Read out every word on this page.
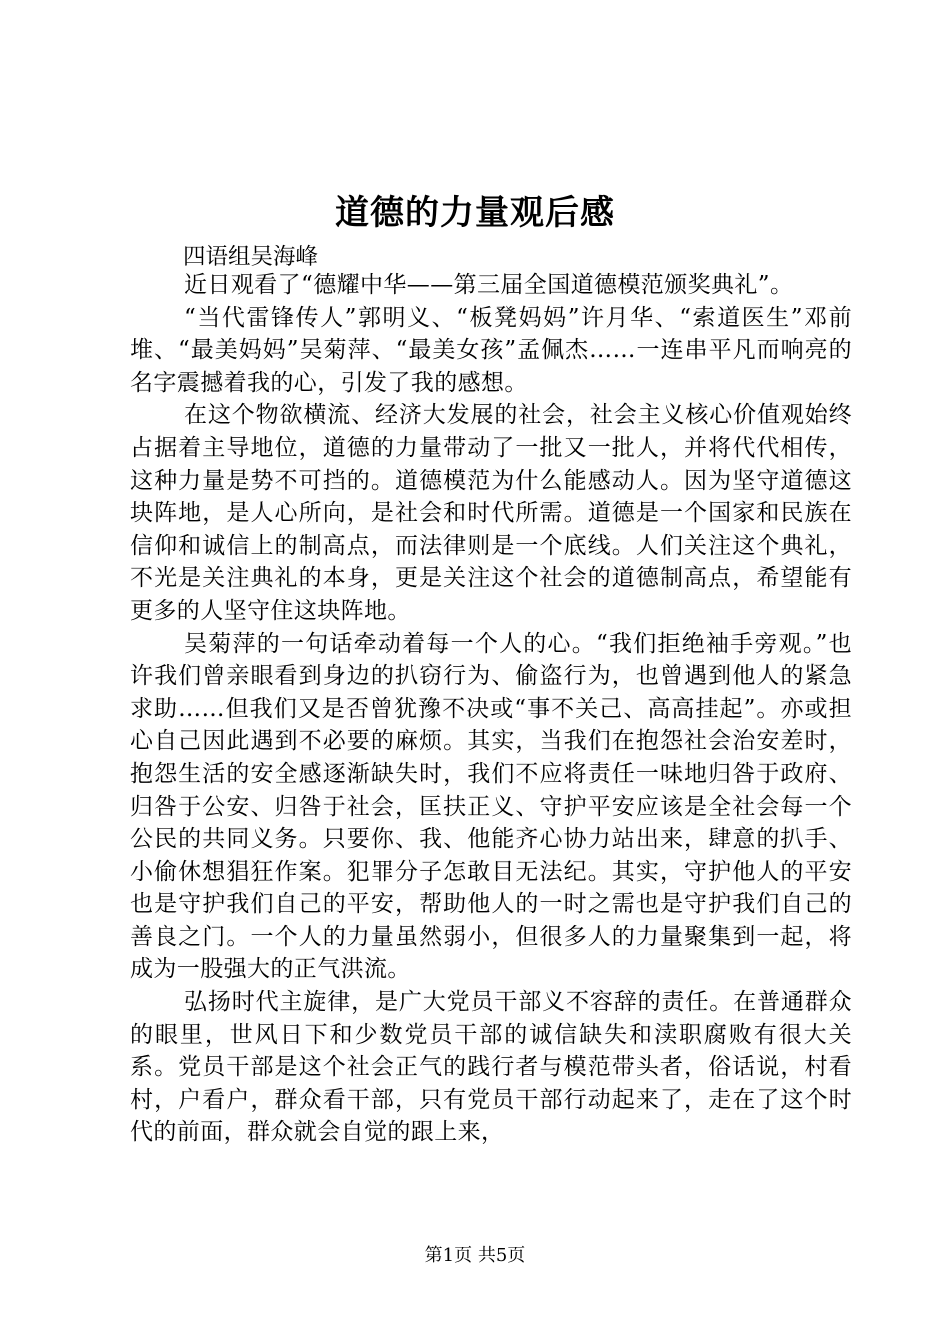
道德的力量观后感
四语组吴海峰

近日观看了“德耀中华——第三届全国道德模范颁奖典礼”。

“当代雷锋传人”郭明义、“板凳妈妈”许月华、“索道医生”邓前堆、“最美妈妈”吴菊萍、“最美女孩”孟佩杰……一连串平凡而响亮的名字震撼着我的心，引发了我的感想。

在这个物欲横流、经济大发展的社会，社会主义核心价值观始终占据着主导地位，道德的力量带动了一批又一批人，并将代代相传，这种力量是势不可挡的。道德模范为什么能感动人。因为坚守道德这块阵地，是人心所向，是社会和时代所需。道德是一个国家和民族在信仰和诚信上的制高点，而法律则是一个底线。人们关注这个典礼，不光是关注典礼的本身，更是关注这个社会的道德制高点，希望能有更多的人坚守住这块阵地。

吴菊萍的一句话牵动着每一个人的心。“我们拒绝袖手旁观。”也许我们曾亲眼看到身边的扒窃行为、偷盗行为，也曾遇到他人的紧急求助……但我们又是否曾犹豫不决或“事不关己、高高挂起”。亦或担心自己因此遇到不必要的麻烦。其实，当我们在抱怨社会治安差时，抱怨生活的安全感逐渐缺失时，我们不应将责任一味地归咎于政府、归咎于公安、归咎于社会，匡扶正义、守护平安应该是全社会每一个公民的共同义务。只要你、我、他能齐心协力站出来，肆意的扒手、小偷休想猖狂作案。犯罪分子怎敢目无法纪。其实，守护他人的平安也是守护我们自己的平安，帮助他人的一时之需也是守护我们自己的善良之门。一个人的力量虽然弱小，但很多人的力量聚集到一起，将成为一股强大的正气洪流。

弘扬时代主旋律，是广大党员干部义不容辞的责任。在普通群众的眼里，世风日下和少数党员干部的诚信缺失和渎职腐败有很大关系。党员干部是这个社会正气的践行者与模范带头者，俗话说，村看村，户看户，群众看干部，只有党员干部行动起来了，走在了这个时代的前面，群众就会自觉的跟上来，

第1页 共5页
